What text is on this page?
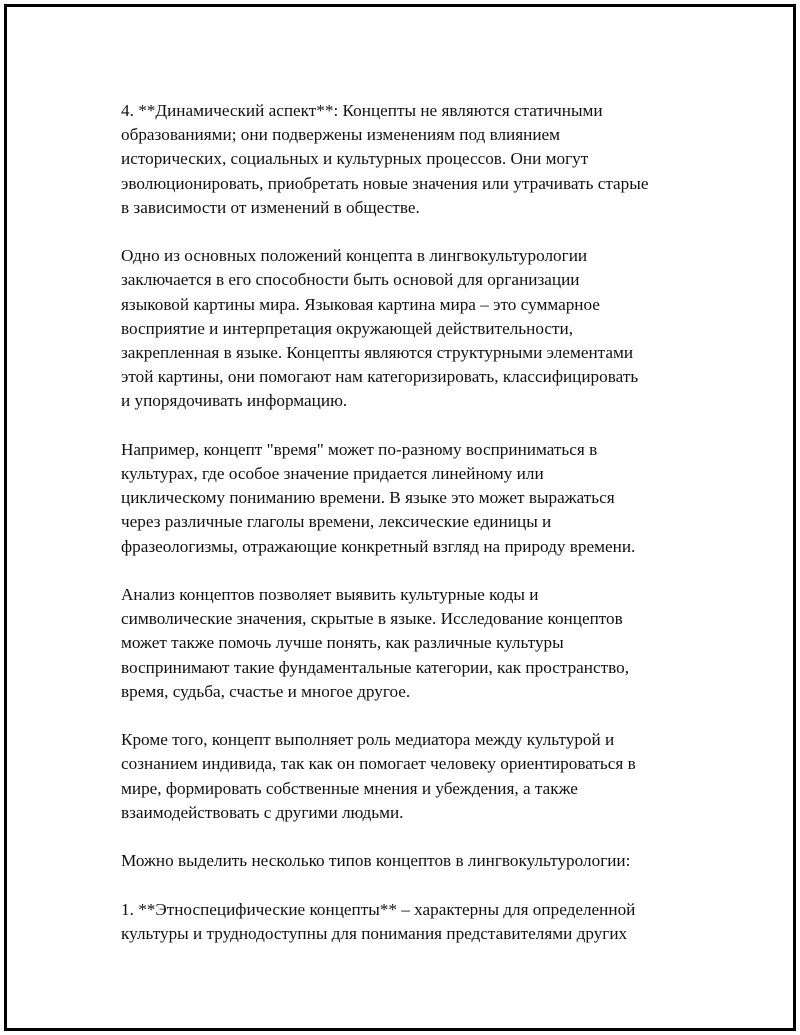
4. **Динамический аспект**: Концепты не являются статичными
образованиями; они подвержены изменениям под влиянием
исторических, социальных и культурных процессов. Они могут
эволюционировать, приобретать новые значения или утрачивать старые
в зависимости от изменений в обществе.

Одно из основных положений концепта в лингвокультурологии
заключается в его способности быть основой для организации
языковой картины мира. Языковая картина мира – это суммарное
восприятие и интерпретация окружающей действительности,
закрепленная в языке. Концепты являются структурными элементами
этой картины, они помогают нам категоризировать, классифицировать
и упорядочивать информацию.

Например, концепт "время" может по-разному восприниматься в
культурах, где особое значение придается линейному или
циклическому пониманию времени. В языке это может выражаться
через различные глаголы времени, лексические единицы и
фразеологизмы, отражающие конкретный взгляд на природу времени.

Анализ концептов позволяет выявить культурные коды и
символические значения, скрытые в языке. Исследование концептов
может также помочь лучше понять, как различные культуры
воспринимают такие фундаментальные категории, как пространство,
время, судьба, счастье и многое другое.

Кроме того, концепт выполняет роль медиатора между культурой и
сознанием индивида, так как он помогает человеку ориентироваться в
мире, формировать собственные мнения и убеждения, а также
взаимодействовать с другими людьми.

Можно выделить несколько типов концептов в лингвокультурологии:

1. **Этноспецифические концепты** – характерны для определенной
культуры и труднодоступны для понимания представителями других
